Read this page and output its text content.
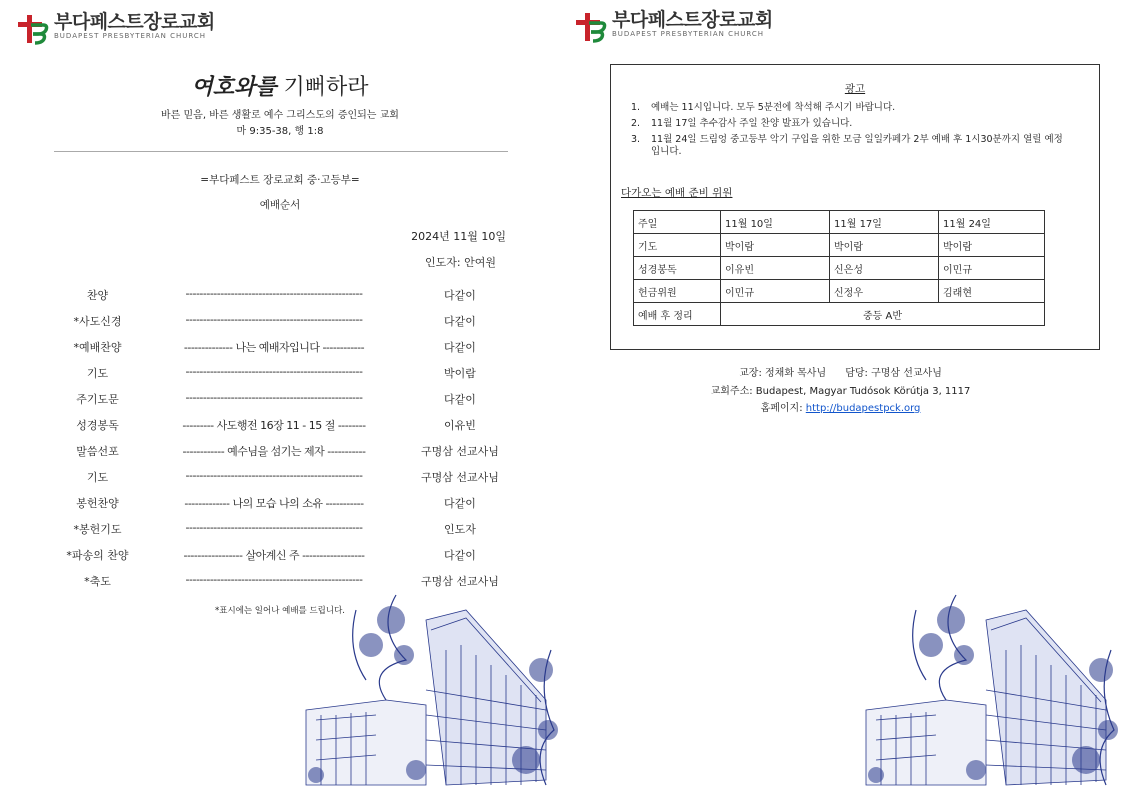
부다페스트장로교회
BUDAPEST PRESBYTERIAN CHURCH
여호와를 기뻐하라
바른 믿음, 바른 생활로 예수 그리스도의 증인되는 교회
마 9:35-38, 행 1:8
=부다페스트 장로교회 중·고등부=
예배순서
2024년 11월 10일
인도자: 안여원
찬양	---------------------------------------------------	다같이
*사도신경	---------------------------------------------------	다같이
*예배찬양	-------------- 나는 예배자입니다 ------------	다같이
기도	---------------------------------------------------	박이람
주기도문	---------------------------------------------------	다같이
성경봉독	--------- 사도행전 16장 11 - 15 절 --------	이유빈
말씀선포	------------ 예수님을 섬기는 제자 -----------	구명삼 선교사님
기도	---------------------------------------------------	구명삼 선교사님
봉헌찬양	------------- 나의 모습 나의 소유 -----------	다같이
*봉헌기도	---------------------------------------------------	인도자
*파송의 찬양	----------------- 살아계신 주 ------------------	다같이
*축도	---------------------------------------------------	구명삼 선교사님
*표시에는 일어나 예배를 드립니다.
부다페스트장로교회
BUDAPEST PRESBYTERIAN CHURCH
광고
1. 예배는 11시입니다. 모두 5분전에 착석해 주시기 바랍니다.
2. 11월 17일 추수감사 주일 찬양 발표가 있습니다.
3. 11월 24일 드림엉 중고등부 악기 구입을 위한 모금 일일카페가 2부 예배 후 1시30분까지 열릴 예정입니다.
다가오는 예배 준비 위원
주일	11월 10일	11월 17일	11월 24일
기도	박이람	박이람	박이람
성경봉독	이유빈	신은성	이민규
헌금위원	이민규	신정우	김래현
예배 후 정리	중등 A반		
교장: 정채화 목사님      담당: 구명삼 선교사님
교회주소: Budapest, Magyar Tudósok Körútja 3, 1117
홈페이지: http://budapestpck.org
